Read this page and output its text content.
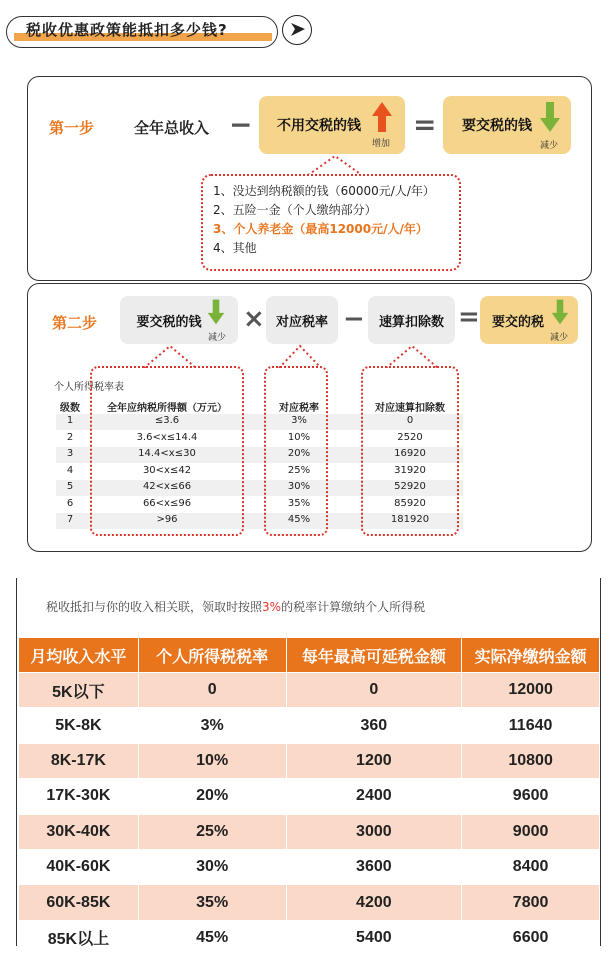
税收优惠政策能抵扣多少钱?
第一步	全年总收入 − 不用交税的钱
增加
= 要交税的钱
减少
1、没达到纳税额的钱（60000元/人/年）
2、五险一金（个人缴纳部分）
3、个人养老金（最高12000元/人/年）
4、其他
第二步	要交税的钱
减少
× 对应税率 − 速算扣除数 = 要交的税
减少
个人所得税率表
级数	全年应纳税所得额（万元）	对应税率	对应速算扣除数
1	≤3.6	3%	0
2	3.6<x≤14.4	10%	2520
3	14.4<x≤30	20%	16920
4	30<x≤42	25%	31920
5	42<x≤66	30%	52920
6	66<x≤96	35%	85920
7	>96	45%	181920
税收抵扣与你的收入相关联，领取时按照3%的税率计算缴纳个人所得税
月均收入水平	个人所得税税率	每年最高可延税金额	实际净缴纳金额
5K以下	0	0	12000
5K-8K	3%	360	11640
8K-17K	10%	1200	10800
17K-30K	20%	2400	9600
30K-40K	25%	3000	9000
40K-60K	30%	3600	8400
60K-85K	35%	4200	7800
85K以上	45%	5400	6600
